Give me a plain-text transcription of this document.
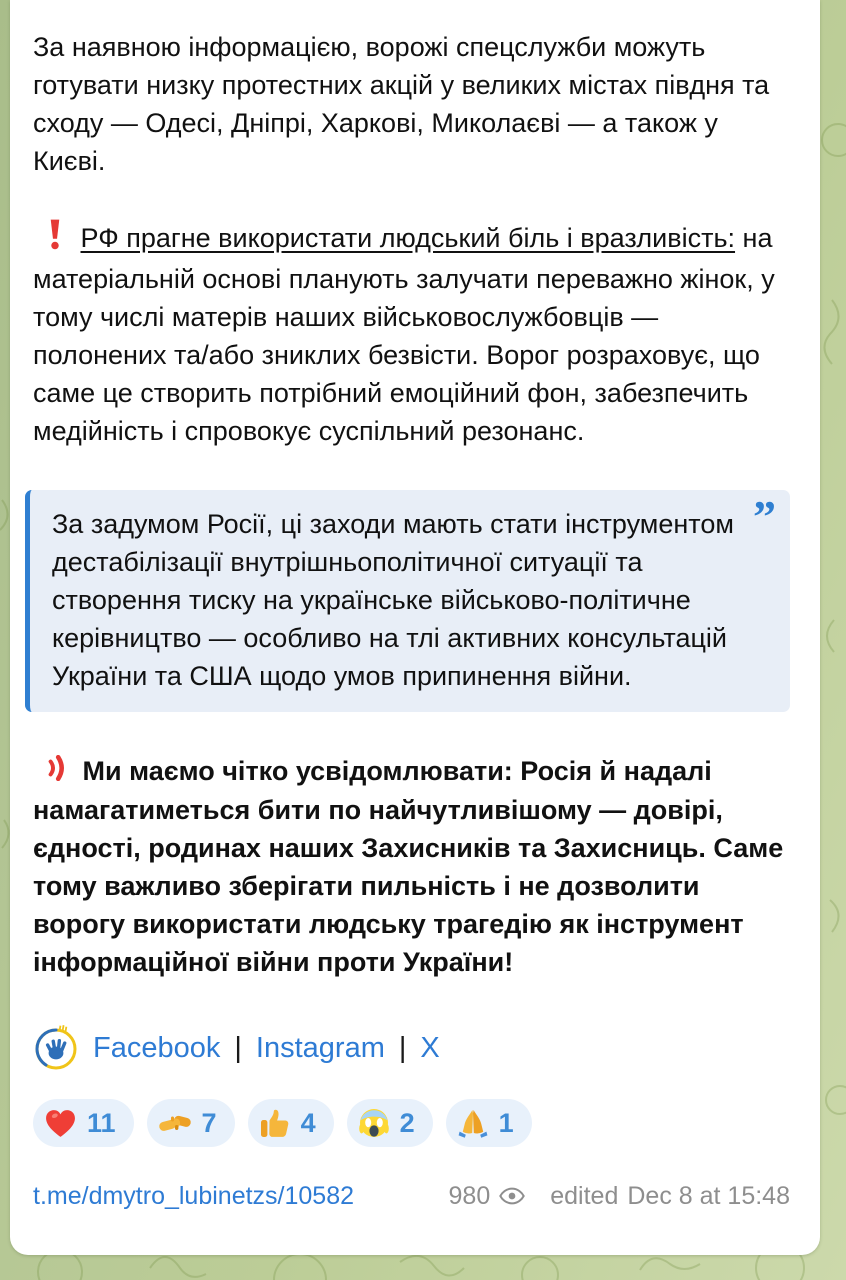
За наявною інформацією, ворожі спецслужби можуть готувати низку протестних акцій у великих містах півдня та сходу — Одесі, Дніпрі, Харкові, Миколаєві — а також у Києві.

РФ прагне використати людський біль і вразливість: на матеріальній основі планують залучати переважно жінок, у тому числі матерів наших військовослужбовців — полонених та/або зниклих безвісти. Ворог розраховує, що саме це створить потрібний емоційний фон, забезпечить медійність і спровокує суспільний резонанс.

”
За задумом Росії, ці заходи мають стати інструментом дестабілізації внутрішньополітичної ситуації та створення тиску на українське військово-політичне керівництво — особливо на тлі активних консультацій України та США щодо умов припинення війни.

Ми маємо чітко усвідомлювати: Росія й надалі намагатиметься бити по найчутливішому — довірі, єдності, родинах наших Захисників та Захисниць. Саме тому важливо зберігати пильність і не дозволити ворогу використати людську трагедію як інструмент інформаційної війни проти України!

Facebook | Instagram | X
11	7	4	2	1
t.me/dmytro_lubinetzs/10582	980 edited Dec 8 at 15:48
